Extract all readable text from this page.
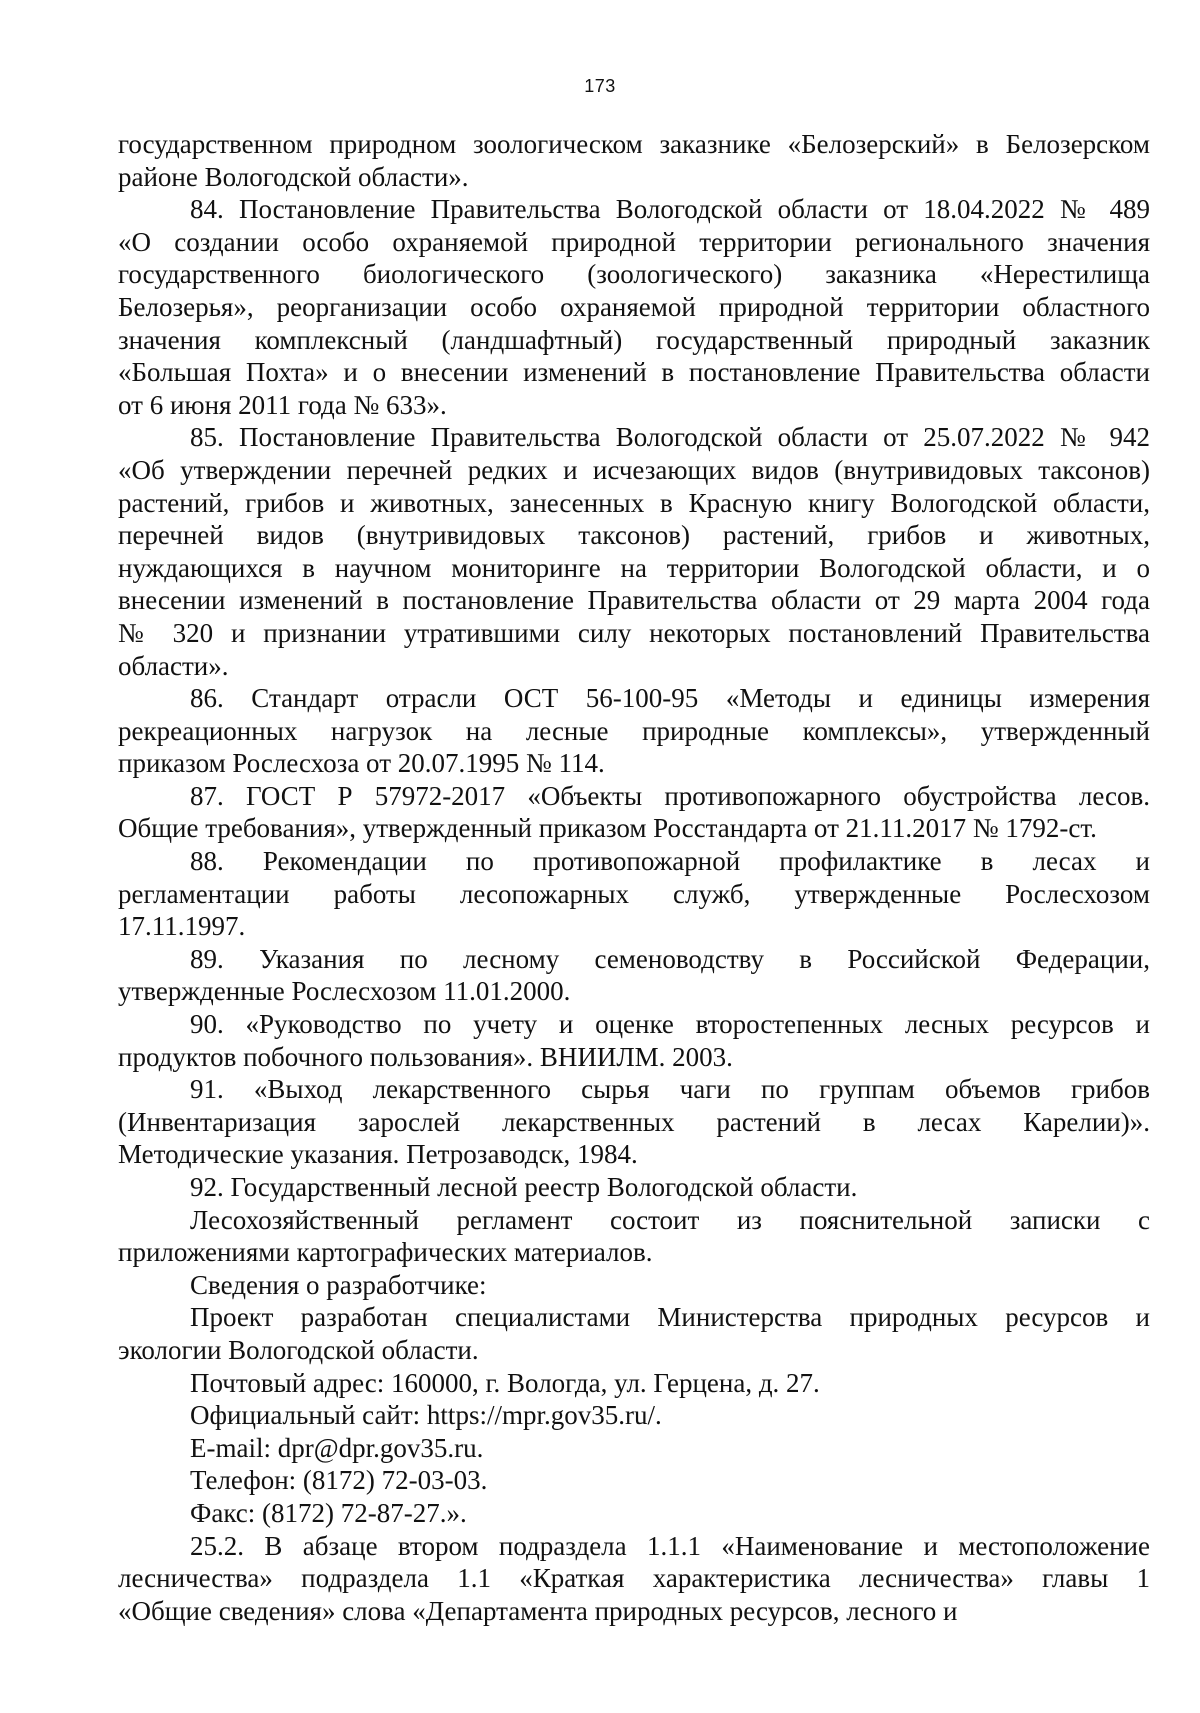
173
государственном природном зоологическом заказнике «Белозерский» в Белозерском
районе Вологодской области».
84. Постановление Правительства Вологодской области от 18.04.2022 № 489
«О создании особо охраняемой природной территории регионального значения
государственного биологического (зоологического) заказника «Нерестилища
Белозерья», реорганизации особо охраняемой природной территории областного
значения комплексный (ландшафтный) государственный природный заказник
«Большая Похта» и о внесении изменений в постановление Правительства области
от 6 июня 2011 года № 633».
85. Постановление Правительства Вологодской области от 25.07.2022 № 942
«Об утверждении перечней редких и исчезающих видов (внутривидовых таксонов)
растений, грибов и животных, занесенных в Красную книгу Вологодской области,
перечней видов (внутривидовых таксонов) растений, грибов и животных,
нуждающихся в научном мониторинге на территории Вологодской области, и о
внесении изменений в постановление Правительства области от 29 марта 2004 года
№ 320 и признании утратившими силу некоторых постановлений Правительства
области».
86. Стандарт отрасли ОСТ 56-100-95 «Методы и единицы измерения
рекреационных нагрузок на лесные природные комплексы», утвержденный
приказом Рослесхоза от 20.07.1995 № 114.
87. ГОСТ Р 57972-2017 «Объекты противопожарного обустройства лесов.
Общие требования», утвержденный приказом Росстандарта от 21.11.2017 № 1792-ст.
88. Рекомендации по противопожарной профилактике в лесах и
регламентации работы лесопожарных служб, утвержденные Рослесхозом
17.11.1997.
89. Указания по лесному семеноводству в Российской Федерации,
утвержденные Рослесхозом 11.01.2000.
90. «Руководство по учету и оценке второстепенных лесных ресурсов и
продуктов побочного пользования». ВНИИЛМ. 2003.
91. «Выход лекарственного сырья чаги по группам объемов грибов
(Инвентаризация зарослей лекарственных растений в лесах Карелии)».
Методические указания. Петрозаводск, 1984.
92. Государственный лесной реестр Вологодской области.
Лесохозяйственный регламент состоит из пояснительной записки с
приложениями картографических материалов.
Сведения о разработчике:
Проект разработан специалистами Министерства природных ресурсов и
экологии Вологодской области.
Почтовый адрес: 160000, г. Вологда, ул. Герцена, д. 27.
Официальный сайт: https://mpr.gov35.ru/.
E-mail: dpr@dpr.gov35.ru.
Телефон: (8172) 72-03-03.
Факс: (8172) 72-87-27.».
25.2. В абзаце втором подраздела 1.1.1 «Наименование и местоположение
лесничества» подраздела 1.1 «Краткая характеристика лесничества» главы 1
«Общие сведения» слова «Департамента природных ресурсов, лесного и
